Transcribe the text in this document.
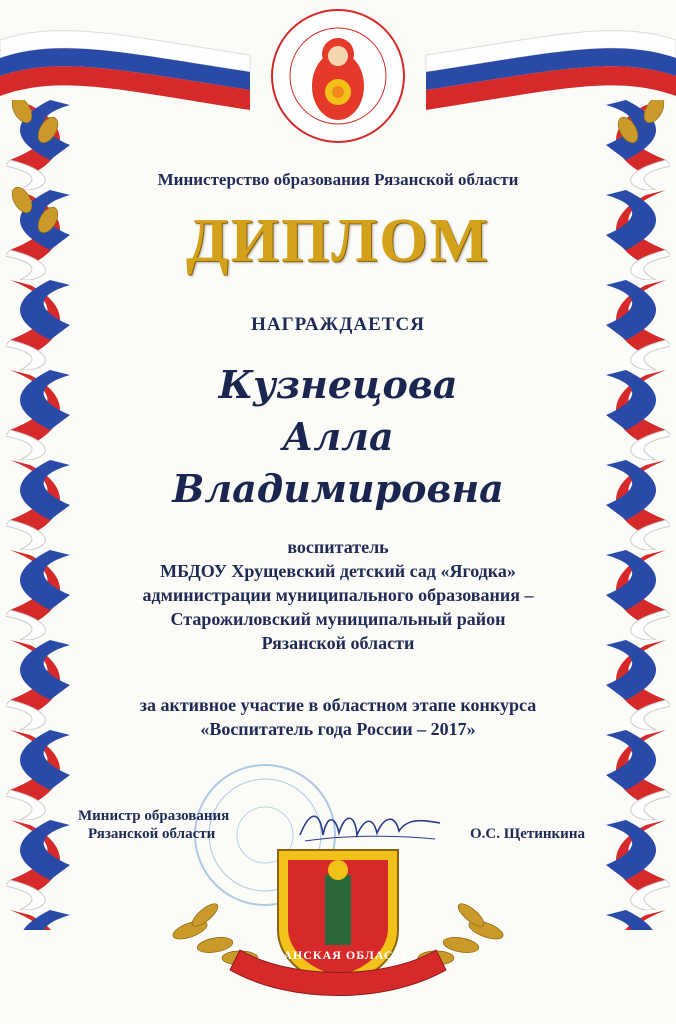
Министерство образования Рязанской области
ДИПЛОМ
НАГРАЖДАЕТСЯ
Кузнецова
Алла
Владимировна
воспитатель
МБДОУ Хрущевский детский сад «Ягодка»
администрации муниципального образования –
Старожиловский муниципальный район
Рязанской области
за активное участие в областном этапе конкурса
«Воспитатель года России – 2017»
Министр образования
Рязанской области	О.С. Щетинкина
РЯЗАНСКАЯ ОБЛАСТЬ
